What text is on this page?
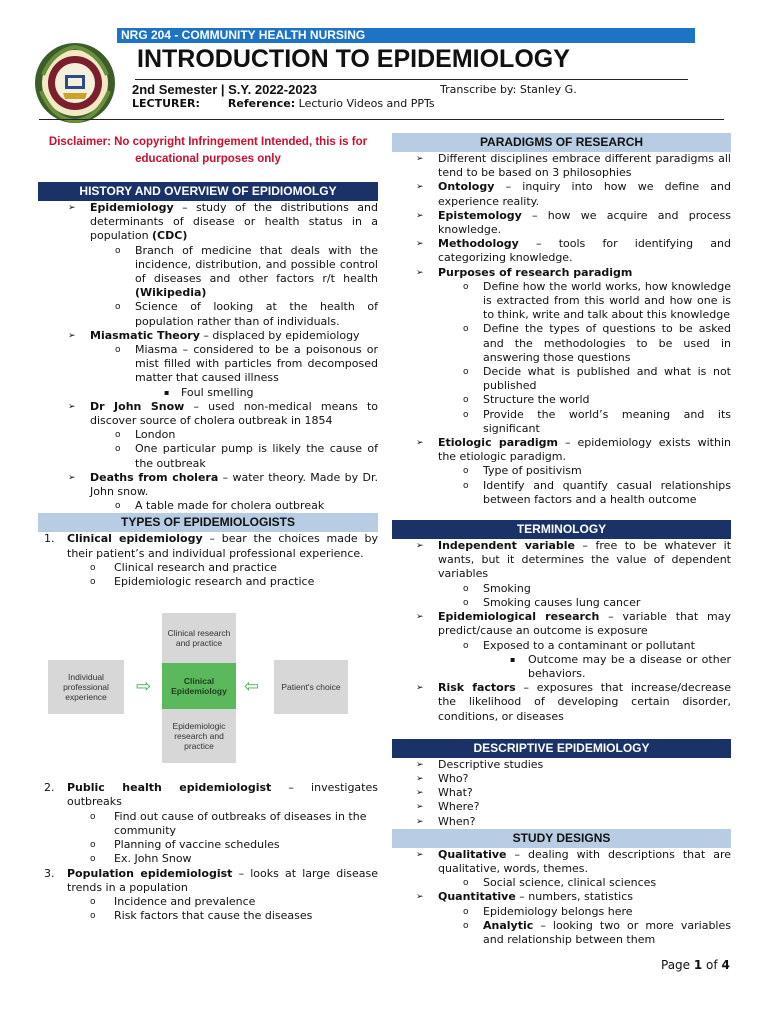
NRG 204 - COMMUNITY HEALTH NURSING
INTRODUCTION TO EPIDEMIOLOGY
2nd Semester | S.Y. 2022-2023	Transcribe by: Stanley G.
LECTURER:	Reference: Lecturio Videos and PPTs
Disclaimer: No copyright Infringement Intended, this is for educational purposes only
HISTORY AND OVERVIEW OF EPIDIOMOLGY
➢ Epidemiology – study of the distributions and determinants of disease or health status in a population (CDC)
o Branch of medicine that deals with the incidence, distribution, and possible control of diseases and other factors r/t health (Wikipedia)
o Science of looking at the health of population rather than of individuals.
➢ Miasmatic Theory – displaced by epidemiology
o Miasma – considered to be a poisonous or mist filled with particles from decomposed matter that caused illness
▪ Foul smelling
➢ Dr John Snow – used non-medical means to discover source of cholera outbreak in 1854
o London
o One particular pump is likely the cause of the outbreak
➢ Deaths from cholera – water theory. Made by Dr. John snow.
o A table made for cholera outbreak
TYPES OF EPIDEMIOLOGISTS
1. Clinical epidemiology – bear the choices made by their patient’s and individual professional experience.
o Clinical research and practice
o Epidemiologic research and practice
Clinical research and practice
Clinical Epidemiology
Epidemiologic research and practice
Individual professional experience
Patient's choice
⇨	⇦
2. Public health epidemiologist – investigates outbreaks
o Find out cause of outbreaks of diseases in the community
o Planning of vaccine schedules
o Ex. John Snow
3. Population epidemiologist – looks at large disease trends in a population
o Incidence and prevalence
o Risk factors that cause the diseases
PARADIGMS OF RESEARCH
➢ Different disciplines embrace different paradigms all tend to be based on 3 philosophies
➢ Ontology – inquiry into how we define and experience reality.
➢ Epistemology – how we acquire and process knowledge.
➢ Methodology – tools for identifying and categorizing knowledge.
➢ Purposes of research paradigm
o Define how the world works, how knowledge is extracted from this world and how one is to think, write and talk about this knowledge
o Define the types of questions to be asked and the methodologies to be used in answering those questions
o Decide what is published and what is not published
o Structure the world
o Provide the world’s meaning and its significant
➢ Etiologic paradigm – epidemiology exists within the etiologic paradigm.
o Type of positivism
o Identify and quantify casual relationships between factors and a health outcome
TERMINOLOGY
➢ Independent variable – free to be whatever it wants, but it determines the value of dependent variables
o Smoking
o Smoking causes lung cancer
➢ Epidemiological research – variable that may predict/cause an outcome is exposure
o Exposed to a contaminant or pollutant
▪ Outcome may be a disease or other behaviors.
➢ Risk factors – exposures that increase/decrease the likelihood of developing certain disorder, conditions, or diseases
DESCRIPTIVE EPIDEMIOLOGY
➢ Descriptive studies
➢ Who?
➢ What?
➢ Where?
➢ When?
STUDY DESIGNS
➢ Qualitative – dealing with descriptions that are qualitative, words, themes.
o Social science, clinical sciences
➢ Quantitative – numbers, statistics
o Epidemiology belongs here
o Analytic – looking two or more variables and relationship between them
Page 1 of 4
